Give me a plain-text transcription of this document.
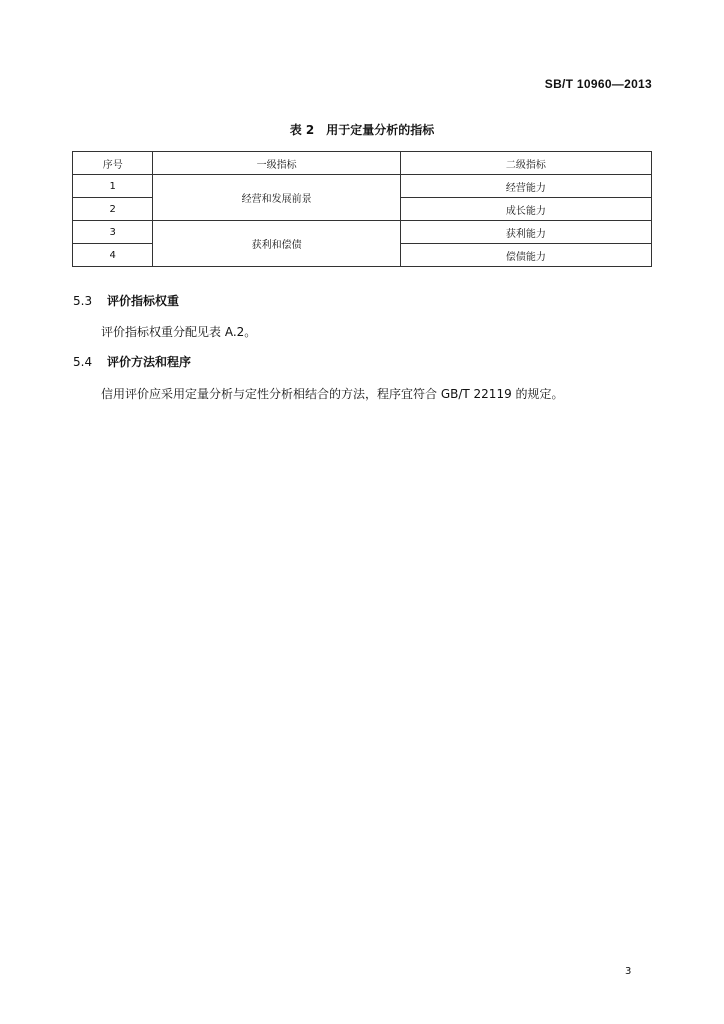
SB/T 10960—2013
表 2　用于定量分析的指标
序号	一级指标	二级指标
1	经营和发展前景	经营能力
2		成长能力
3	获利和偿债	获利能力
4		偿债能力
5.3 评价指标权重
评价指标权重分配见表 A.2。
5.4 评价方法和程序
信用评价应采用定量分析与定性分析相结合的方法，程序宜符合 GB/T 22119 的规定。
3
